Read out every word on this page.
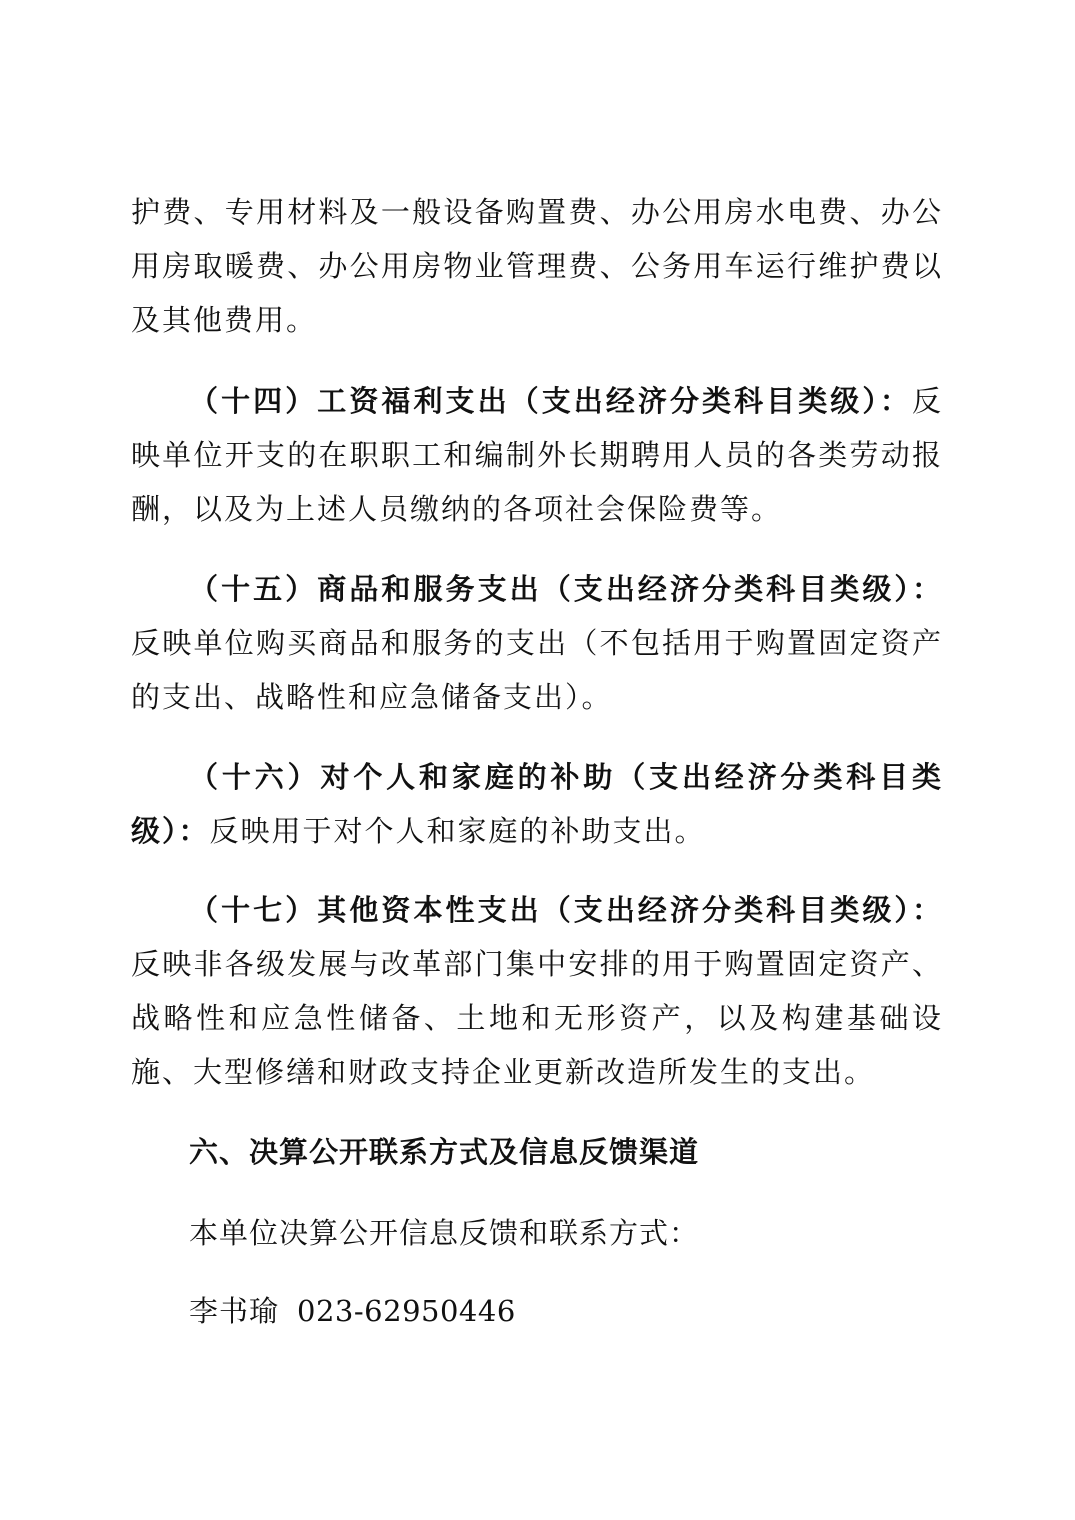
护费、专用材料及一般设备购置费、办公用房水电费、办公用房取暖费、办公用房物业管理费、公务用车运行维护费以及其他费用。

（十四）工资福利支出（支出经济分类科目类级）：反映单位开支的在职职工和编制外长期聘用人员的各类劳动报酬，以及为上述人员缴纳的各项社会保险费等。

（十五）商品和服务支出（支出经济分类科目类级）：反映单位购买商品和服务的支出（不包括用于购置固定资产的支出、战略性和应急储备支出）。

（十六）对个人和家庭的补助（支出经济分类科目类级）：反映用于对个人和家庭的补助支出。

（十七）其他资本性支出（支出经济分类科目类级）：反映非各级发展与改革部门集中安排的用于购置固定资产、战略性和应急性储备、土地和无形资产，以及构建基础设施、大型修缮和财政支持企业更新改造所发生的支出。

六、决算公开联系方式及信息反馈渠道

本单位决算公开信息反馈和联系方式：

李书瑜 023-62950446
